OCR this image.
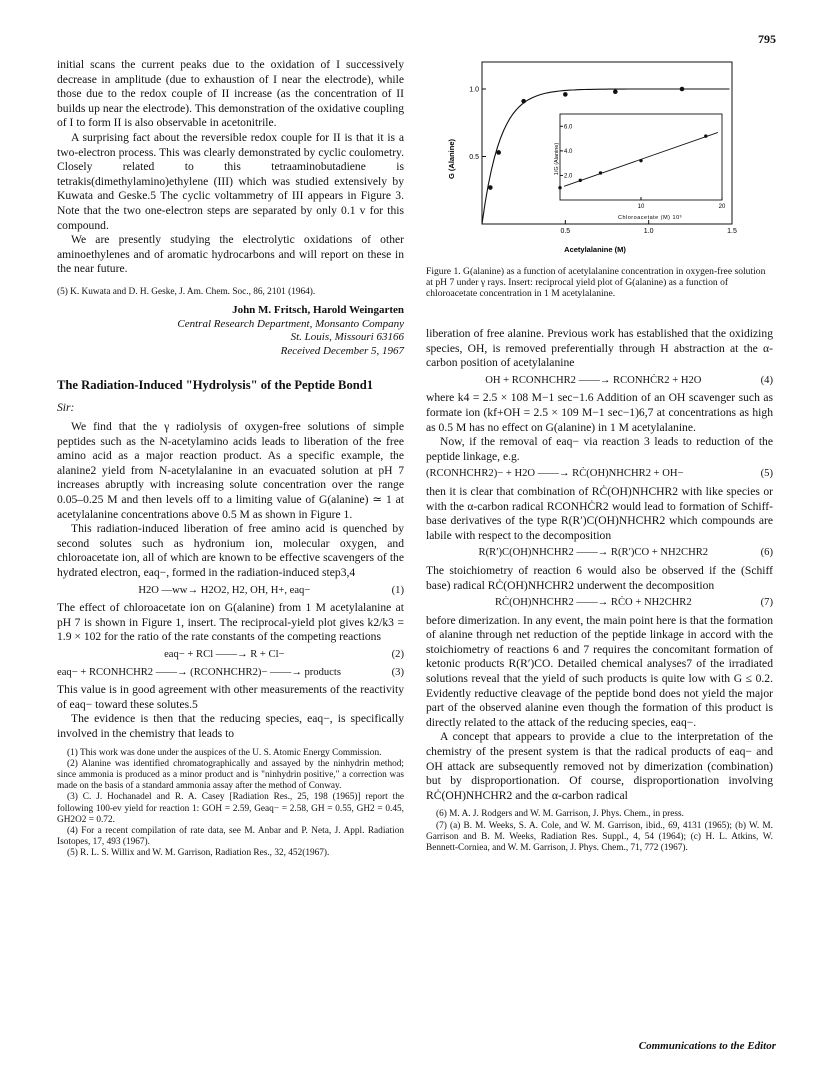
795

initial scans the current peaks due to the oxidation of I successively decrease in amplitude (due to exhaustion of I near the electrode), while those due to the redox couple of II increase (as the concentration of II builds up near the electrode). This demonstration of the oxidative coupling of I to form II is also observable in acetonitrile.

A surprising fact about the reversible redox couple for II is that it is a two-electron process. This was clearly demonstrated by cyclic coulometry. Closely related to this tetraaminobutadiene is tetrakis(dimethylamino)ethylene (III) which was studied extensively by Kuwata and Geske.5 The cyclic voltammetry of III appears in Figure 3. Note that the two one-electron steps are separated by only 0.1 v for this compound.

We are presently studying the electrolytic oxidations of other aminoethylenes and of aromatic hydrocarbons and will report on these in the near future.

(5) K. Kuwata and D. H. Geske, J. Am. Chem. Soc., 86, 2101 (1964).

John M. Fritsch, Harold Weingarten
Central Research Department, Monsanto Company
St. Louis, Missouri 63166
Received December 5, 1967
The Radiation-Induced "Hydrolysis" of the Peptide Bond1
Sir:

We find that the γ radiolysis of oxygen-free solutions of simple peptides such as the N-acetylamino acids leads to liberation of the free amino acid as a major reaction product. As a specific example, the alanine2 yield from N-acetylalanine in an evacuated solution at pH 7 increases abruptly with increasing solute concentration over the range 0.05–0.25 M and then levels off to a limiting value of G(alanine) ≃ 1 at acetylalanine concentrations above 0.5 M as shown in Figure 1.

This radiation-induced liberation of free amino acid is quenched by second solutes such as hydronium ion, molecular oxygen, and chloroacetate ion, all of which are known to be effective scavengers of the hydrated electron, eaq−, formed in the radiation-induced step3,4

H2O —ww→ H2O2, H2, OH, H+, eaq−	(1)

The effect of chloroacetate ion on G(alanine) from 1 M acetylalanine at pH 7 is shown in Figure 1, insert. The reciprocal-yield plot gives k2/k3 = 1.9 × 102 for the ratio of the rate constants of the competing reactions

eaq− + RCl ——→ R + Cl−	(2)
eaq− + RCONHCHR2 ——→ (RCONHCHR2)− ——→ products	(3)

This value is in good agreement with other measurements of the reactivity of eaq− toward these solutes.5

The evidence is then that the reducing species, eaq−, is specifically involved in the chemistry that leads to

(1) This work was done under the auspices of the U. S. Atomic Energy Commission.

(2) Alanine was identified chromatographically and assayed by the ninhydrin method; since ammonia is produced as a minor product and is "ninhydrin positive," a correction was made on the basis of a standard ammonia assay after the method of Conway.

(3) C. J. Hochanadel and R. A. Casey [Radiation Res., 25, 198 (1965)] report the following 100-ev yield for reaction 1: GOH = 2.59, Geaq− = 2.58, GH = 0.55, GH2 = 0.45, GH2O2 = 0.72.

(4) For a recent compilation of rate data, see M. Anbar and P. Neta, J. Appl. Radiation Isotopes, 17, 493 (1967).

(5) R. L. S. Willix and W. M. Garrison, Radiation Res., 32, 452(1967).

G (Alanine)
Acetylalanine (M)
1/G (Alanine)
Chloroacetate (M) 10³
0.5	1.0	1.5
0.5
1.0
10	20
2.0
4.0
6.0
Figure 1. G(alanine) as a function of acetylalanine concentration in oxygen-free solution at pH 7 under γ rays. Insert: reciprocal yield plot of G(alanine) as a function of chloroacetate concentration in 1 M acetylalanine.

liberation of free alanine. Previous work has established that the oxidizing species, OH, is removed preferentially through H abstraction at the α-carbon position of acetylalanine

OH + RCONHCHR2 ——→ RCONHĊR2 + H2O	(4)

where k4 = 2.5 × 108 M−1 sec−1.6 Addition of an OH scavenger such as formate ion (kf+OH = 2.5 × 109 M−1 sec−1)6,7 at concentrations as high as 0.5 M has no effect on G(alanine) in 1 M acetylalanine.

Now, if the removal of eaq− via reaction 3 leads to reduction of the peptide linkage, e.g.

(RCONHCHR2)− + H2O ——→ RĊ(OH)NHCHR2 + OH−	(5)

then it is clear that combination of RĊ(OH)NHCHR2 with like species or with the α-carbon radical RCONHĊR2 would lead to formation of Schiff-base derivatives of the type R(R′)C(OH)NHCHR2 which compounds are labile with respect to the decomposition

R(R′)C(OH)NHCHR2 ——→ R(R′)CO + NH2CHR2	(6)

The stoichiometry of reaction 6 would also be observed if the (Schiff base) radical RĊ(OH)NHCHR2 underwent the decomposition

RĊ(OH)NHCHR2 ——→ RĊO + NH2CHR2	(7)

before dimerization. In any event, the main point here is that the formation of alanine through net reduction of the peptide linkage in accord with the stoichiometry of reactions 6 and 7 requires the concomitant formation of ketonic products R(R′)CO. Detailed chemical analyses7 of the irradiated solutions reveal that the yield of such products is quite low with G ≤ 0.2. Evidently reductive cleavage of the peptide bond does not yield the major part of the observed alanine even though the formation of this product is directly related to the attack of the reducing species, eaq−.

A concept that appears to provide a clue to the interpretation of the chemistry of the present system is that the radical products of eaq− and OH attack are subsequently removed not by dimerization (combination) but by disproportionation. Of course, disproportionation involving RĊ(OH)NHCHR2 and the α-carbon radical

(6) M. A. J. Rodgers and W. M. Garrison, J. Phys. Chem., in press.

(7) (a) B. M. Weeks, S. A. Cole, and W. M. Garrison, ibid., 69, 4131 (1965); (b) W. M. Garrison and B. M. Weeks, Radiation Res. Suppl., 4, 54 (1964); (c) H. L. Atkins, W. Bennett-Corniea, and W. M. Garrison, J. Phys. Chem., 71, 772 (1967).

Communications to the Editor
